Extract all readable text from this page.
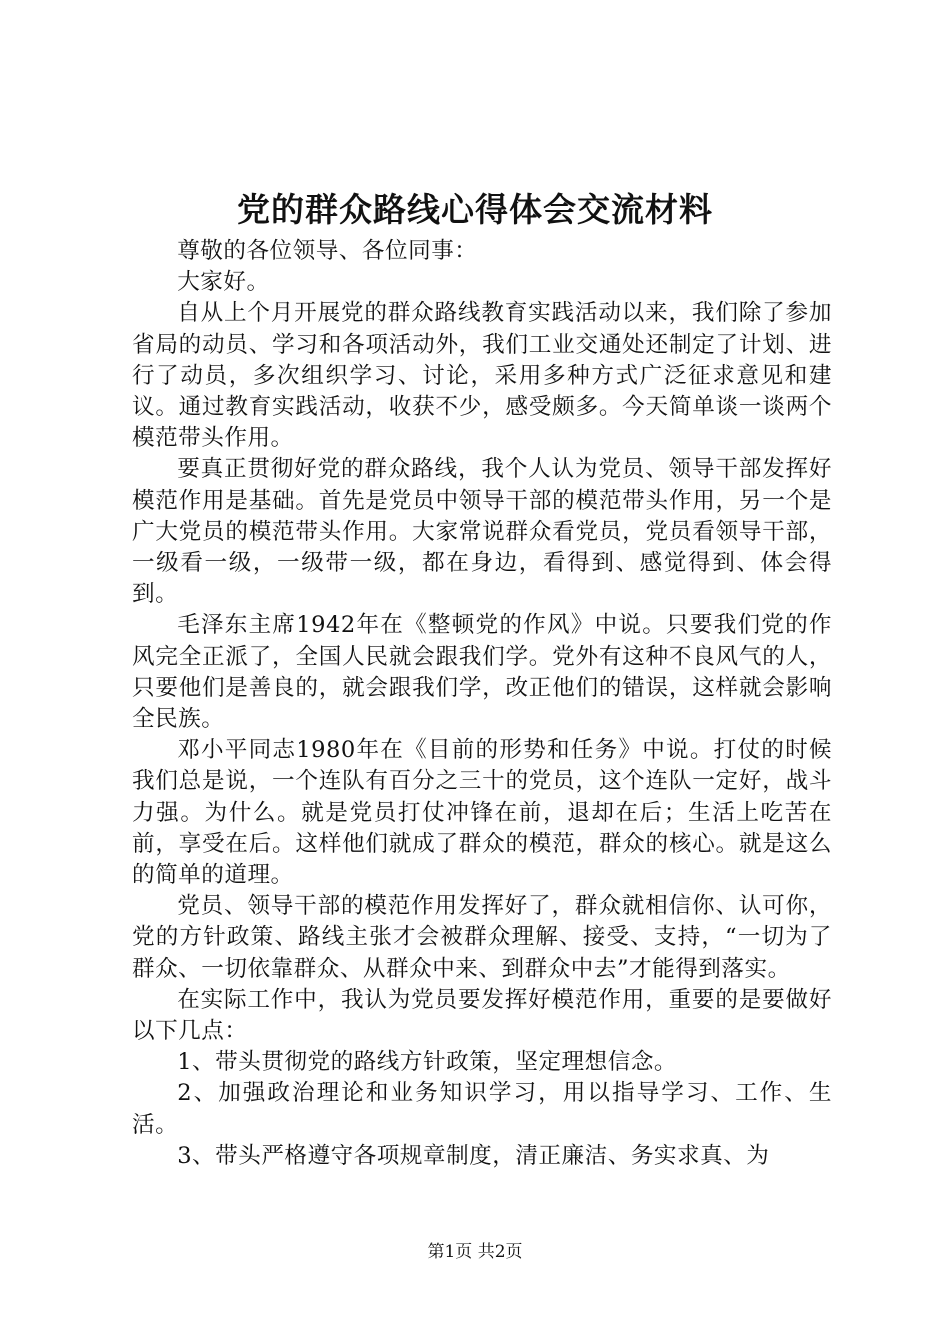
党的群众路线心得体会交流材料

尊敬的各位领导、各位同事：

大家好。

自从上个月开展党的群众路线教育实践活动以来，我们除了参加省局的动员、学习和各项活动外，我们工业交通处还制定了计划、进行了动员，多次组织学习、讨论，采用多种方式广泛征求意见和建议。通过教育实践活动，收获不少，感受颇多。今天简单谈一谈两个模范带头作用。

要真正贯彻好党的群众路线，我个人认为党员、领导干部发挥好模范作用是基础。首先是党员中领导干部的模范带头作用，另一个是广大党员的模范带头作用。大家常说群众看党员，党员看领导干部，一级看一级，一级带一级，都在身边，看得到、感觉得到、体会得到。

毛泽东主席1942年在《整顿党的作风》中说。只要我们党的作风完全正派了，全国人民就会跟我们学。党外有这种不良风气的人，只要他们是善良的，就会跟我们学，改正他们的错误，这样就会影响全民族。

邓小平同志1980年在《目前的形势和任务》中说。打仗的时候我们总是说，一个连队有百分之三十的党员，这个连队一定好，战斗力强。为什么。就是党员打仗冲锋在前，退却在后；生活上吃苦在前，享受在后。这样他们就成了群众的模范，群众的核心。就是这么的简单的道理。

党员、领导干部的模范作用发挥好了，群众就相信你、认可你，党的方针政策、路线主张才会被群众理解、接受、支持，“一切为了群众、一切依靠群众、从群众中来、到群众中去”才能得到落实。

在实际工作中，我认为党员要发挥好模范作用，重要的是要做好以下几点：

1、带头贯彻党的路线方针政策，坚定理想信念。

2、加强政治理论和业务知识学习，用以指导学习、工作、生活。

3、带头严格遵守各项规章制度，清正廉洁、务实求真、为

第1页 共2页
